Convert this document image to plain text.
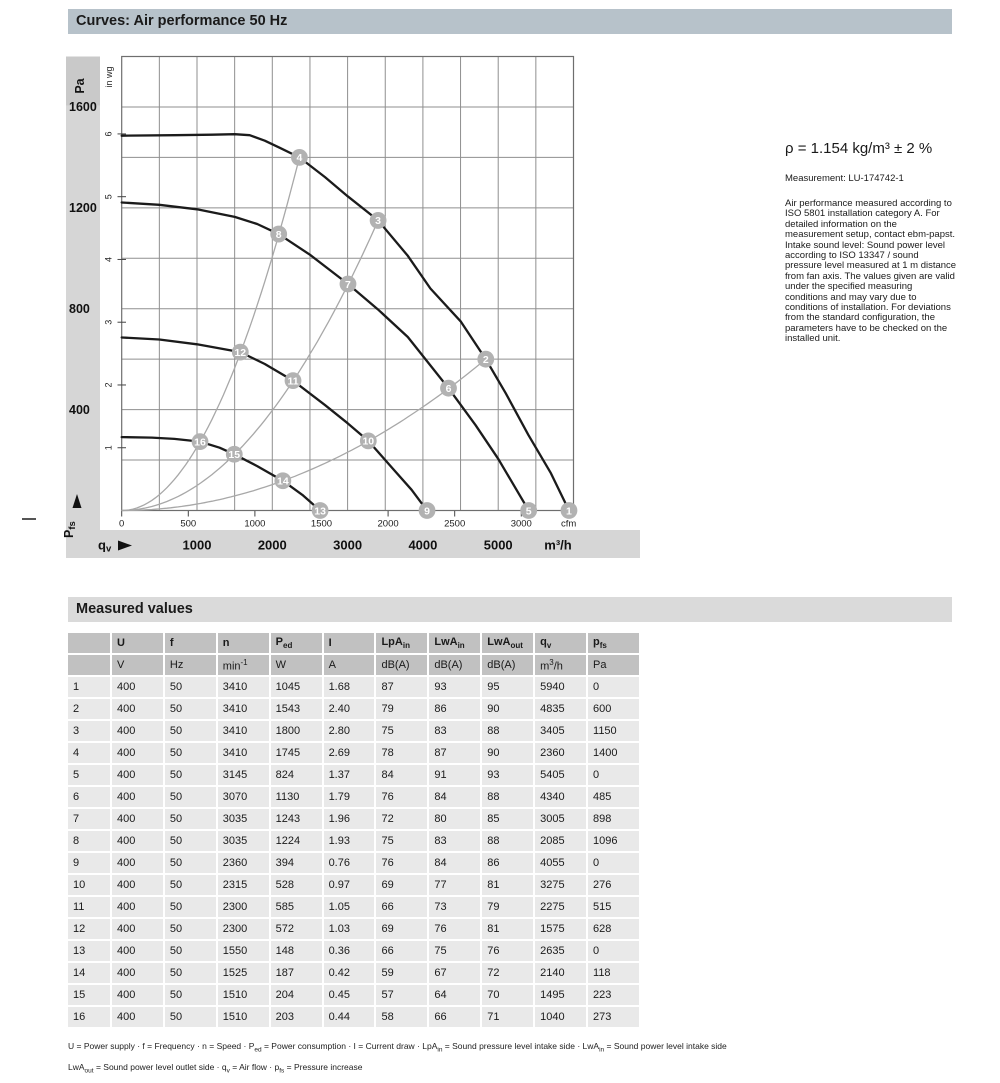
Curves: Air performance 50 Hz
1600
1200
800
400
Pa in wg
6
5
4
3
2
1
0	500	1000	1500	2000	2500	3000	cfm
1000	2000	3000	4000	5000 m³/h
qv
Pfs
1
2
3
4
5
6
7
8
9
10
11
12
13
14
15
16

ρ = 1.154 kg/m³ ± 2 %

Measurement: LU-174742-1

Air performance measured according to ISO 5801 installation category A. For detailed information on the measurement setup, contact ebm-papst. Intake sound level: Sound power level according to ISO 13347 / sound pressure level measured at 1 m distance from fan axis. The values given are valid under the specified measuring conditions and may vary due to conditions of installation. For deviations from the standard configuration, the parameters have to be checked on the installed unit.

Measured values
	U	f	n	$P_{ed}$	I	LpA$_{in}$	LwA$_{in}$	LwA$_{out}$	$q_v$	$p_{fs}$
	V	Hz	$\min^{-1}$	W	A	dB(A)	dB(A)	dB(A)	$m^3/h$	Pa
1	400	50	3410	1045	1.68	87	93	95	5940	0
2	400	50	3410	1543	2.40	79	86	90	4835	600
3	400	50	3410	1800	2.80	75	83	88	3405	1150
4	400	50	3410	1745	2.69	78	87	90	2360	1400
5	400	50	3145	824	1.37	84	91	93	5405	0
6	400	50	3070	1130	1.79	76	84	88	4340	485
7	400	50	3035	1243	1.96	72	80	85	3005	898
8	400	50	3035	1224	1.93	75	83	88	2085	1096
9	400	50	2360	394	0.76	76	84	86	4055	0
10	400	50	2315	528	0.97	69	77	81	3275	276
11	400	50	2300	585	1.05	66	73	79	2275	515
12	400	50	2300	572	1.03	69	76	81	1575	628
13	400	50	1550	148	0.36	66	75	76	2635	0
14	400	50	1525	187	0.42	59	67	72	2140	118
15	400	50	1510	204	0.45	57	64	70	1495	223
16	400	50	1510	203	0.44	58	66	71	1040	273
U = Power supply · f = Frequency · n = Speed · $P_{ed}$ = Power consumption · I = Current draw · LpA$_{in}$ = Sound pressure level intake side · LwA$_{in}$ = Sound power level intake side
LwA$_{out}$ = Sound power level outlet side · $q_v$ = Air flow · $p_{fs}$ = Pressure increase
